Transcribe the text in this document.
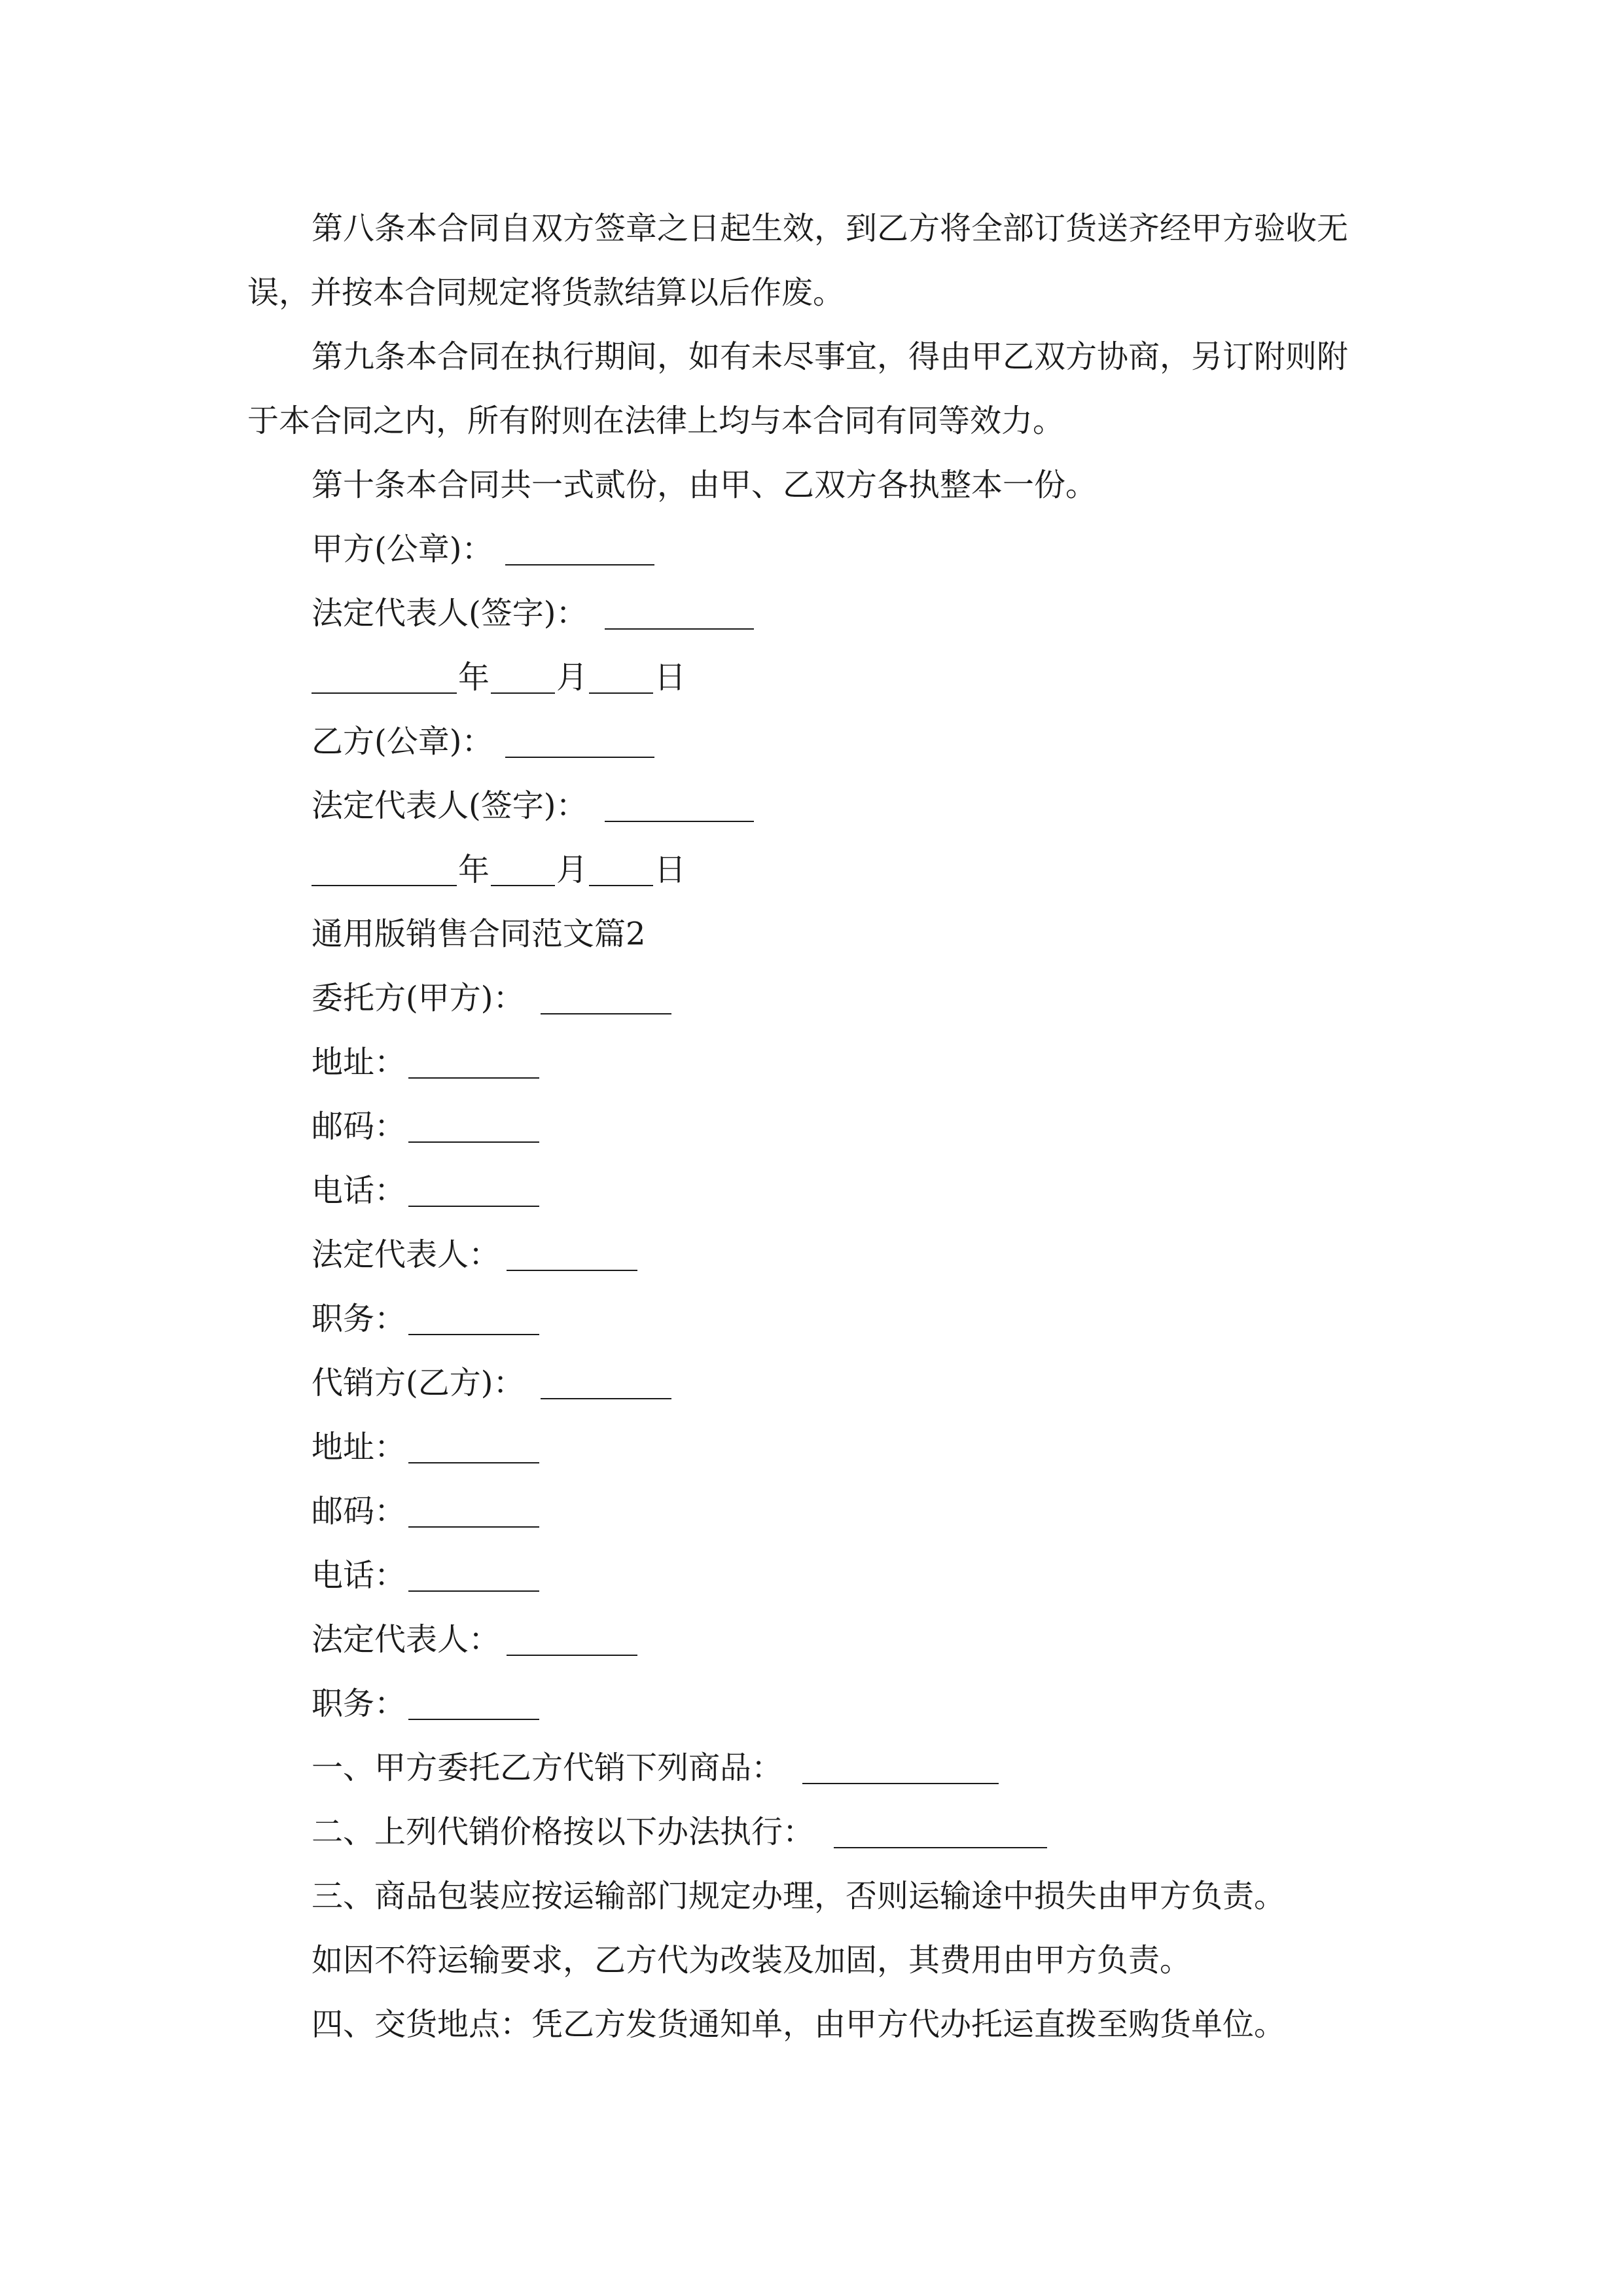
第八条本合同自双方签章之日起生效，到乙方将全部订货送齐经甲方验收无
误，并按本合同规定将货款结算以后作废。
第九条本合同在执行期间，如有未尽事宜，得由甲乙双方协商，另订附则附
于本合同之内，所有附则在法律上均与本合同有同等效力。
第十条本合同共一式贰份，由甲、乙双方各执整本一份。
甲方(公章)：
法定代表人(签字)：
年 月 日
乙方(公章)：
法定代表人(签字)：
年 月 日
通用版销售合同范文篇2
委托方(甲方)：
地址：
邮码：
电话：
法定代表人：
职务：
代销方(乙方)：
地址：
邮码：
电话：
法定代表人：
职务：
一、甲方委托乙方代销下列商品：
二、上列代销价格按以下办法执行：
三、商品包装应按运输部门规定办理，否则运输途中损失由甲方负责。
如因不符运输要求，乙方代为改装及加固，其费用由甲方负责。
四、交货地点：凭乙方发货通知单，由甲方代办托运直拨至购货单位。
